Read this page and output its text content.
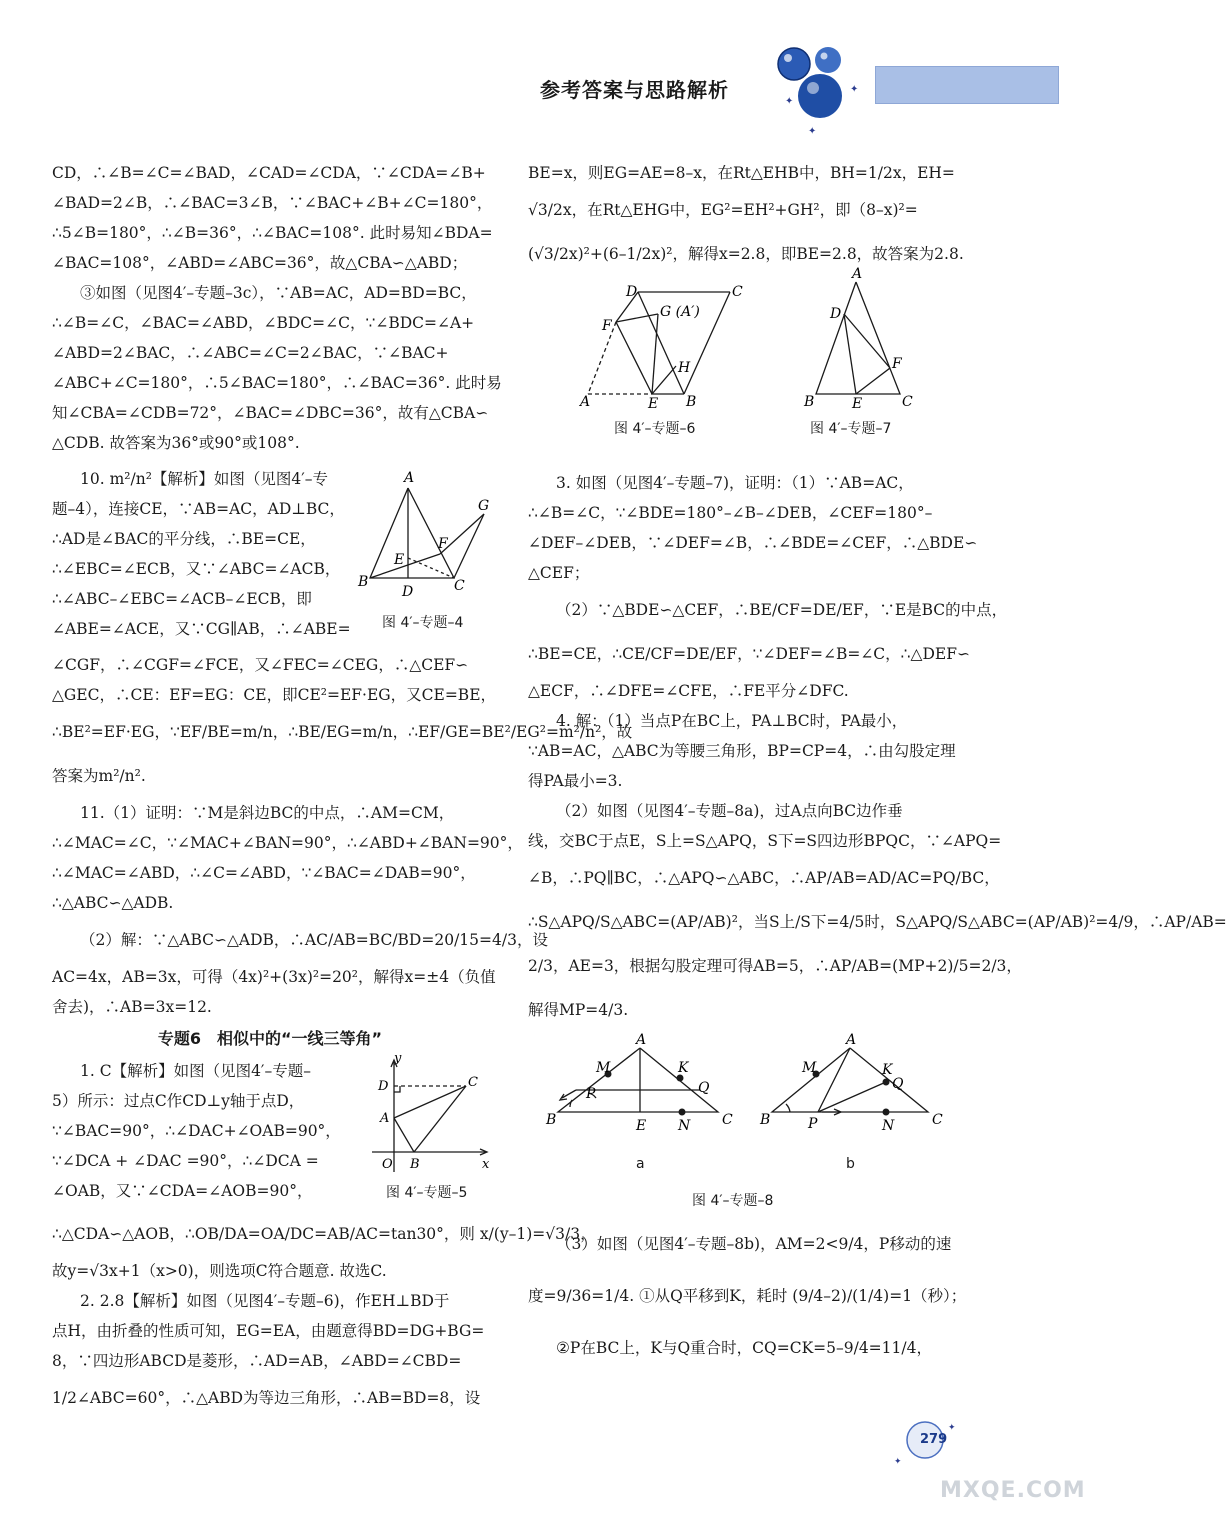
参考答案与思路解析	✦
✦
✦
CD，∴∠B=∠C=∠BAD，∠CAD=∠CDA，∵∠CDA=∠B+
∠BAD=2∠B，∴∠BAC=3∠B，∵∠BAC+∠B+∠C=180°，
∴5∠B=180°，∴∠B=36°，∴∠BAC=108°. 此时易知∠BDA=
∠BAC=108°，∠ABD=∠ABC=36°，故△CBA∽△ABD；
③如图（见图4′–专题–3c），∵AB=AC，AD=BD=BC，
∴∠B=∠C，∠BAC=∠ABD，∠BDC=∠C，∵∠BDC=∠A+
∠ABD=2∠BAC，∴∠ABC=∠C=2∠BAC，∵∠BAC+
∠ABC+∠C=180°，∴5∠BAC=180°，∴∠BAC=36°. 此时易
知∠CBA=∠CDB=72°，∠BAC=∠DBC=36°，故有△CBA∽
△CDB. 故答案为36°或90°或108°.
10. m²/n²【解析】如图（见图4′–专
题–4），连接CE，∵AB=AC，AD⊥BC，
∴AD是∠BAC的平分线，∴BE=CE，
∴∠EBC=∠ECB，又∵∠ABC=∠ACB，
∴∠ABC–∠EBC=∠ACB–∠ECB，即
∠ABE=∠ACE，又∵CG∥AB，∴∠ABE=
A
G
E
F
B
D	C
图 4′–专题–4
∠CGF，∴∠CGF=∠FCE，又∠FEC=∠CEG，∴△CEF∽
△GEC，∴CE：EF=EG：CE，即CE²=EF·EG，又CE=BE，
∴BE²=EF·EG，∵EF/BE=m/n，∴BE/EG=m/n，∴EF/GE=BE²/EG²=m²/n²，故
答案为m²/n².
11.（1）证明：∵M是斜边BC的中点，∴AM=CM，
∴∠MAC=∠C，∵∠MAC+∠BAN=90°，∴∠ABD+∠BAN=90°，
∴∠MAC=∠ABD，∴∠C=∠ABD，∵∠BAC=∠DAB=90°，
∴△ABC∽△ADB.
（2）解：∵△ABC∽△ADB，∴AC/AB=BC/BD=20/15=4/3，设
AC=4x，AB=3x，可得（4x)²+(3x)²=20²，解得x=±4（负值
舍去)，∴AB=3x=12.
专题6　相似中的“一线三等角”
1. C【解析】如图（见图4′–专题–
5）所示：过点C作CD⊥y轴于点D，
∵∠BAC=90°，∴∠DAC+∠OAB=90°，
∵∠DCA + ∠DAC =90°，∴∠DCA =
∠OAB，又∵∠CDA=∠AOB=90°，
y
D	C
A
O B	x
图 4′–专题–5
∴△CDA∽△AOB，∴OB/DA=OA/DC=AB/AC=tan30°，则 x/(y–1)=√3/3，
故y=√3x+1（x>0)，则选项C符合题意. 故选C.
2. 2.8【解析】如图（见图4′–专题–6)，作EH⊥BD于
点H，由折叠的性质可知，EG=EA，由题意得BD=DG+BG=
8，∵四边形ABCD是菱形，∴AD=AB，∠ABD=∠CBD=
1/2∠ABC=60°，∴△ABD为等边三角形，∴AB=BD=8，设
BE=x，则EG=AE=8–x，在Rt△EHB中，BH=1/2x，EH=
√3/2x，在Rt△EHG中，EG²=EH²+GH²，即（8–x)²=
(√3/2x)²+(6–1/2x)²，解得x=2.8，即BE=2.8，故答案为2.8.
D	C
G (A′)
F
H
A	E B
A
D
F
B	E	C
图 4′–专题–6	图 4′–专题–7
3. 如图（见图4′–专题–7)，证明：（1）∵AB=AC，
∴∠B=∠C，∵∠BDE=180°–∠B–∠DEB，∠CEF=180°–
∠DEF–∠DEB，∵∠DEF=∠B，∴∠BDE=∠CEF，∴△BDE∽
△CEF；
（2）∵△BDE∽△CEF，∴BE/CF=DE/EF，∵E是BC的中点，
∴BE=CE，∴CE/CF=DE/EF，∵∠DEF=∠B=∠C，∴△DEF∽
△ECF，∴∠DFE=∠CFE，∴FE平分∠DFC.
4. 解：（1）当点P在BC上，PA⊥BC时，PA最小，
∵AB=AC，△ABC为等腰三角形，BP=CP=4，∴由勾股定理
得PA最小=3.
（2）如图（见图4′–专题–8a)，过A点向BC边作垂
线，交BC于点E，S上=S△APQ，S下=S四边形BPQC，∵∠APQ=
∠B，∴PQ∥BC，∴△APQ∽△ABC，∴AP/AB=AD/AC=PQ/BC，
∴S△APQ/S△ABC=(AP/AB)²，当S上/S下=4/5时，S△APQ/S△ABC=(AP/AB)²=4/9，∴AP/AB=
2/3，AE=3，根据勾股定理可得AB=5，∴AP/AB=(MP+2)/5=2/3，
解得MP=4/3.
A
M	K
Q
P
B	E N C
A
M	K
Q
B	P	N	C
a	b
图 4′–专题–8
（3）如图（见图4′–专题–8b)，AM=2<9/4，P移动的速
度=9/36=1/4. ①从Q平移到K，耗时 (9/4–2)/(1/4)=1（秒）；
②P在BC上，K与Q重合时，CQ=CK=5–9/4=11/4，
✦
✦
279
MXQE.COM
